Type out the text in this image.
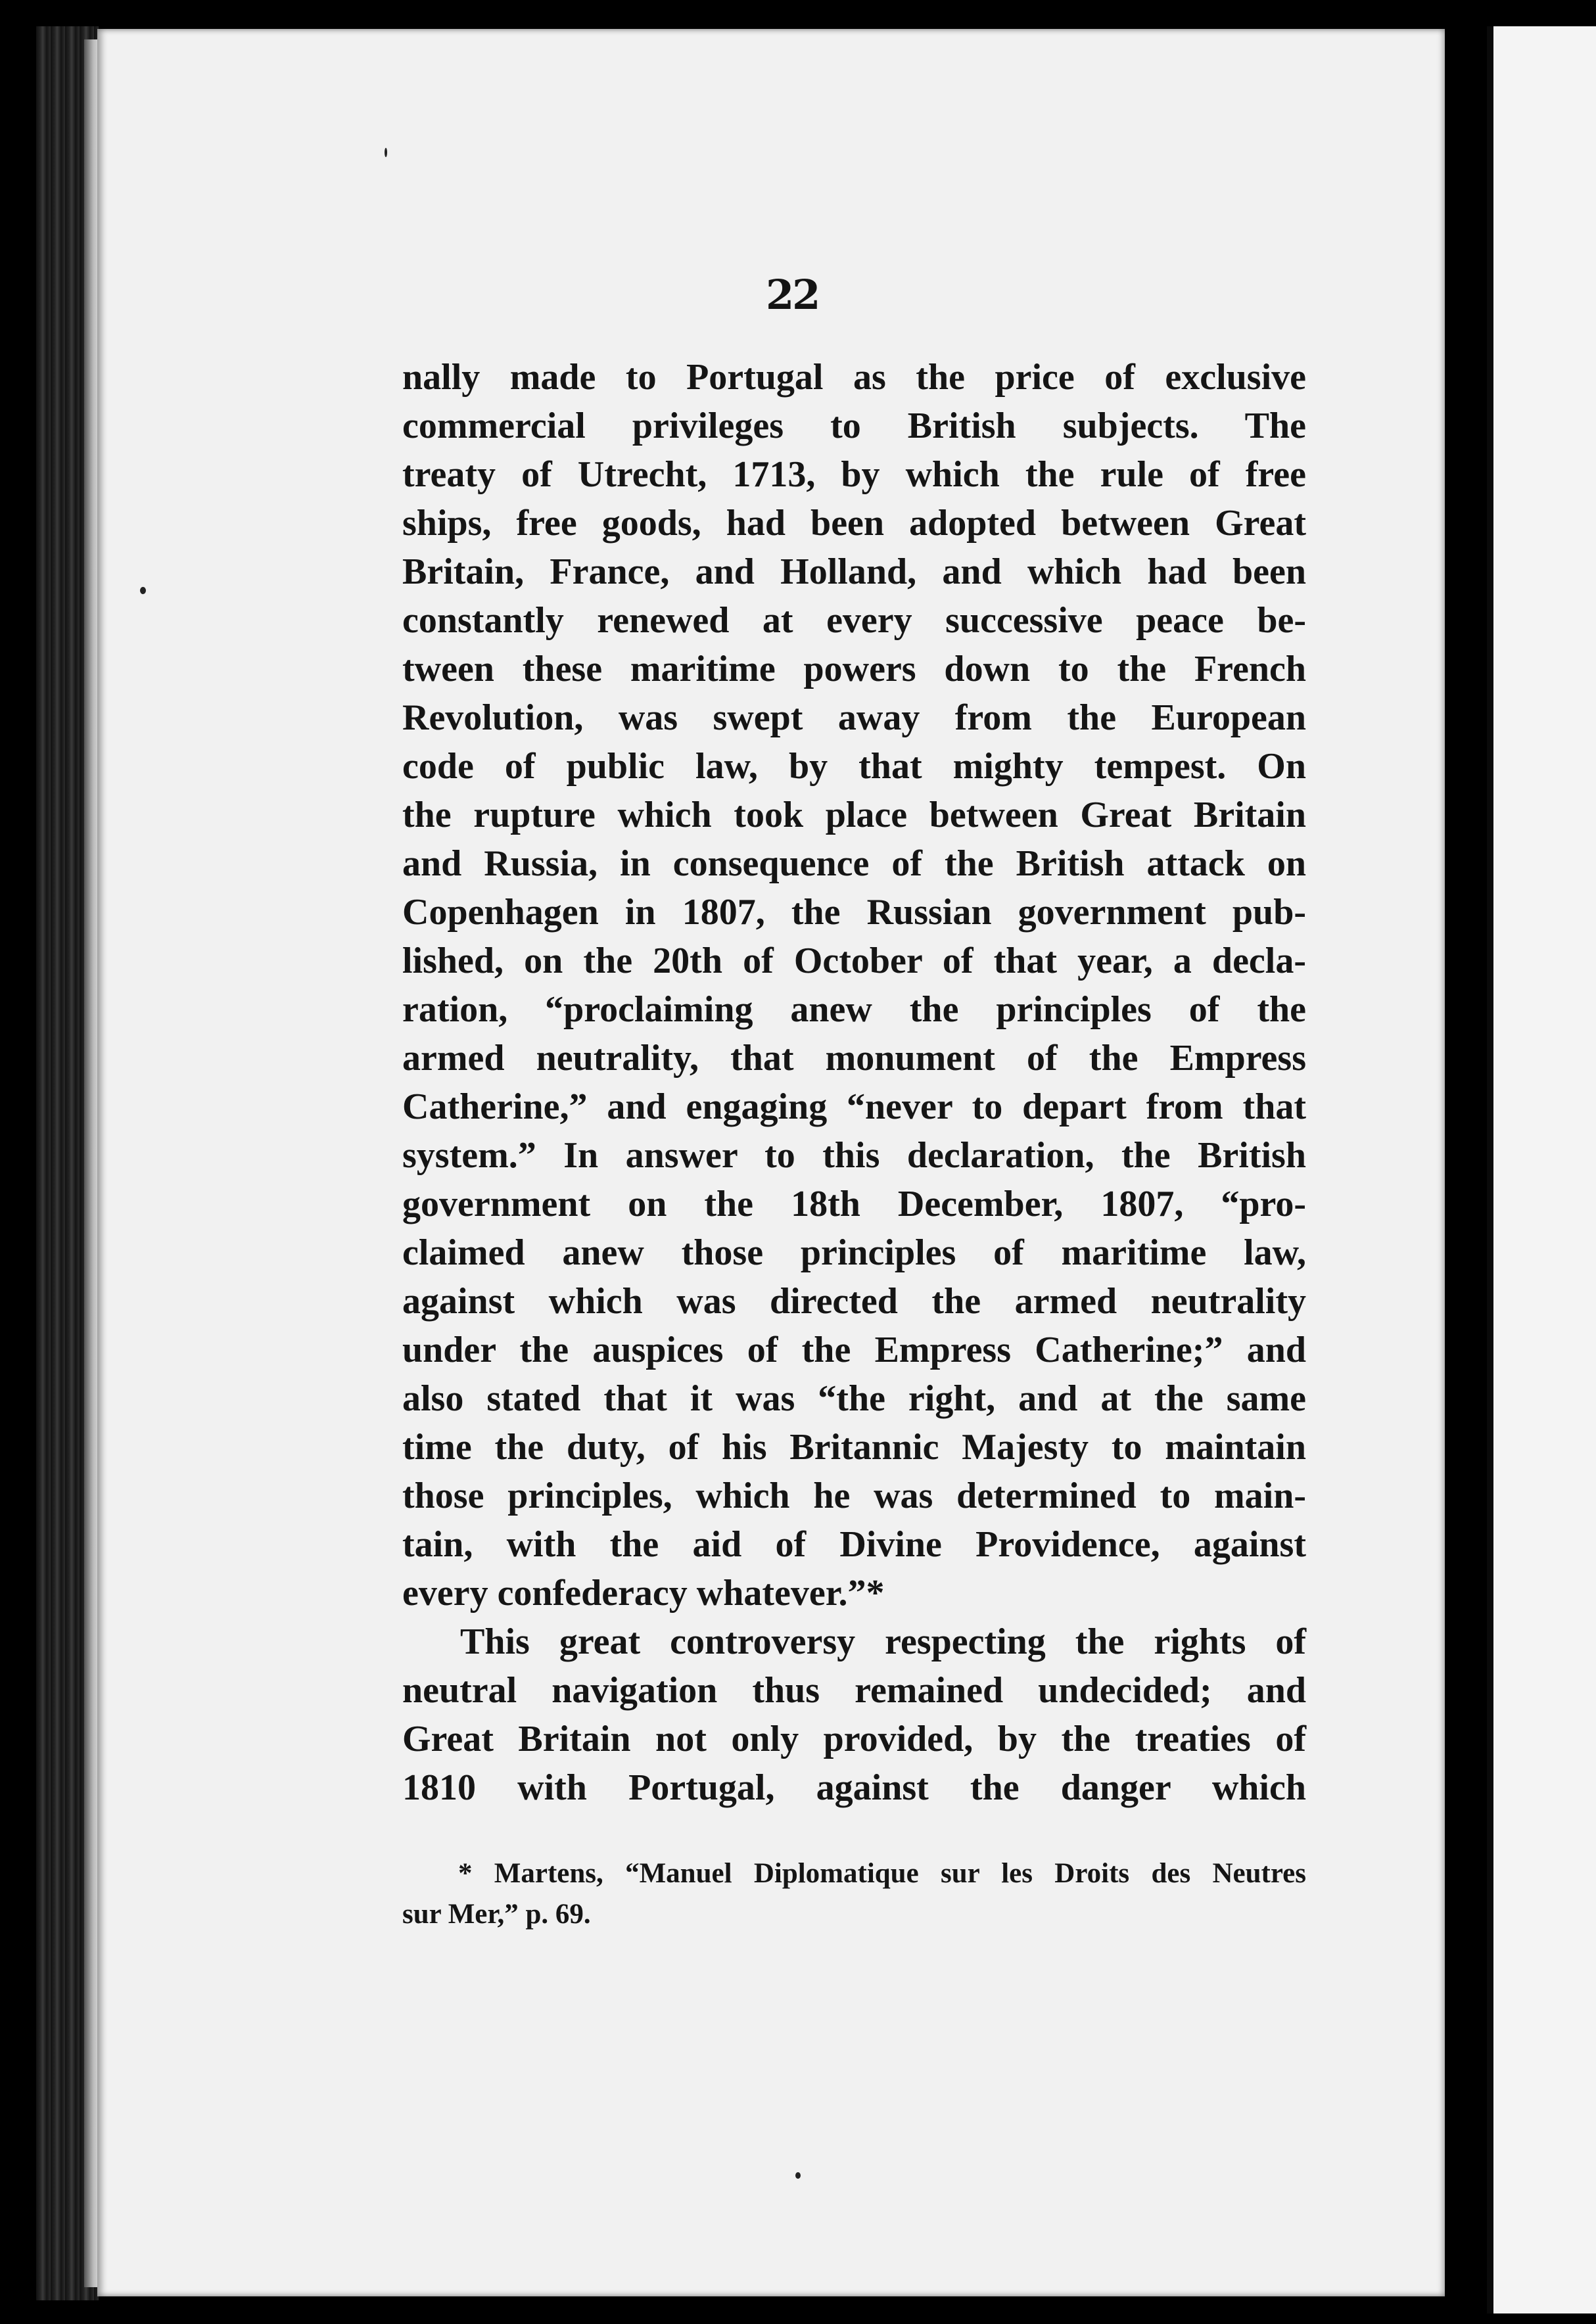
22
nally made to Portugal as the price of exclusive
commercial privileges to British subjects. The
treaty of Utrecht, 1713, by which the rule of free
ships, free goods, had been adopted between Great
Britain, France, and Holland, and which had been
constantly renewed at every successive peace be-
tween these maritime powers down to the French
Revolution, was swept away from the European
code of public law, by that mighty tempest. On
the rupture which took place between Great Britain
and Russia, in consequence of the British attack on
Copenhagen in 1807, the Russian government pub-
lished, on the 20th of October of that year, a decla-
ration, “proclaiming anew the principles of the
armed neutrality, that monument of the Empress
Catherine,” and engaging “never to depart from that
system.” In answer to this declaration, the British
government on the 18th December, 1807, “pro-
claimed anew those principles of maritime law,
against which was directed the armed neutrality
under the auspices of the Empress Catherine;” and
also stated that it was “the right, and at the same
time the duty, of his Britannic Majesty to maintain
those principles, which he was determined to main-
tain, with the aid of Divine Providence, against
every confederacy whatever.”*
This great controversy respecting the rights of
neutral navigation thus remained undecided; and
Great Britain not only provided, by the treaties of
1810 with Portugal, against the danger which
* Martens, “Manuel Diplomatique sur les Droits des Neutres
sur Mer,” p. 69.
